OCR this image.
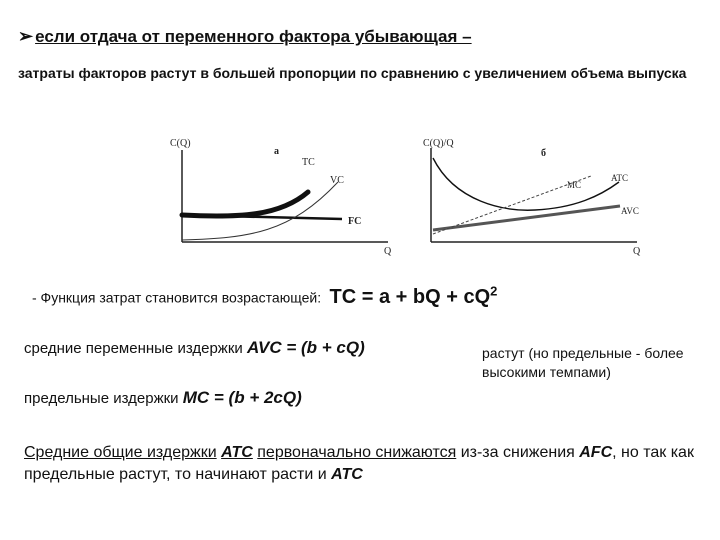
➢ если отдача от переменного фактора убывающая –
затраты факторов растут в большей пропорции по сравнению с увеличением объема выпуска
C(Q)
a
TC
VC
FC
Q
C(Q)/Q
б
MC
ATC
AVC
Q
- Функция затрат становится возрастающей: TC = a + bQ + $cQ^2$
средние переменные издержки AVC = (b + cQ)
предельные издержки MC = (b + 2cQ)
растут (но предельные - более высокими темпами)
Средние общие издержки ATC первоначально снижаются из-за снижения AFC, но так как предельные растут, то начинают расти и ATC
